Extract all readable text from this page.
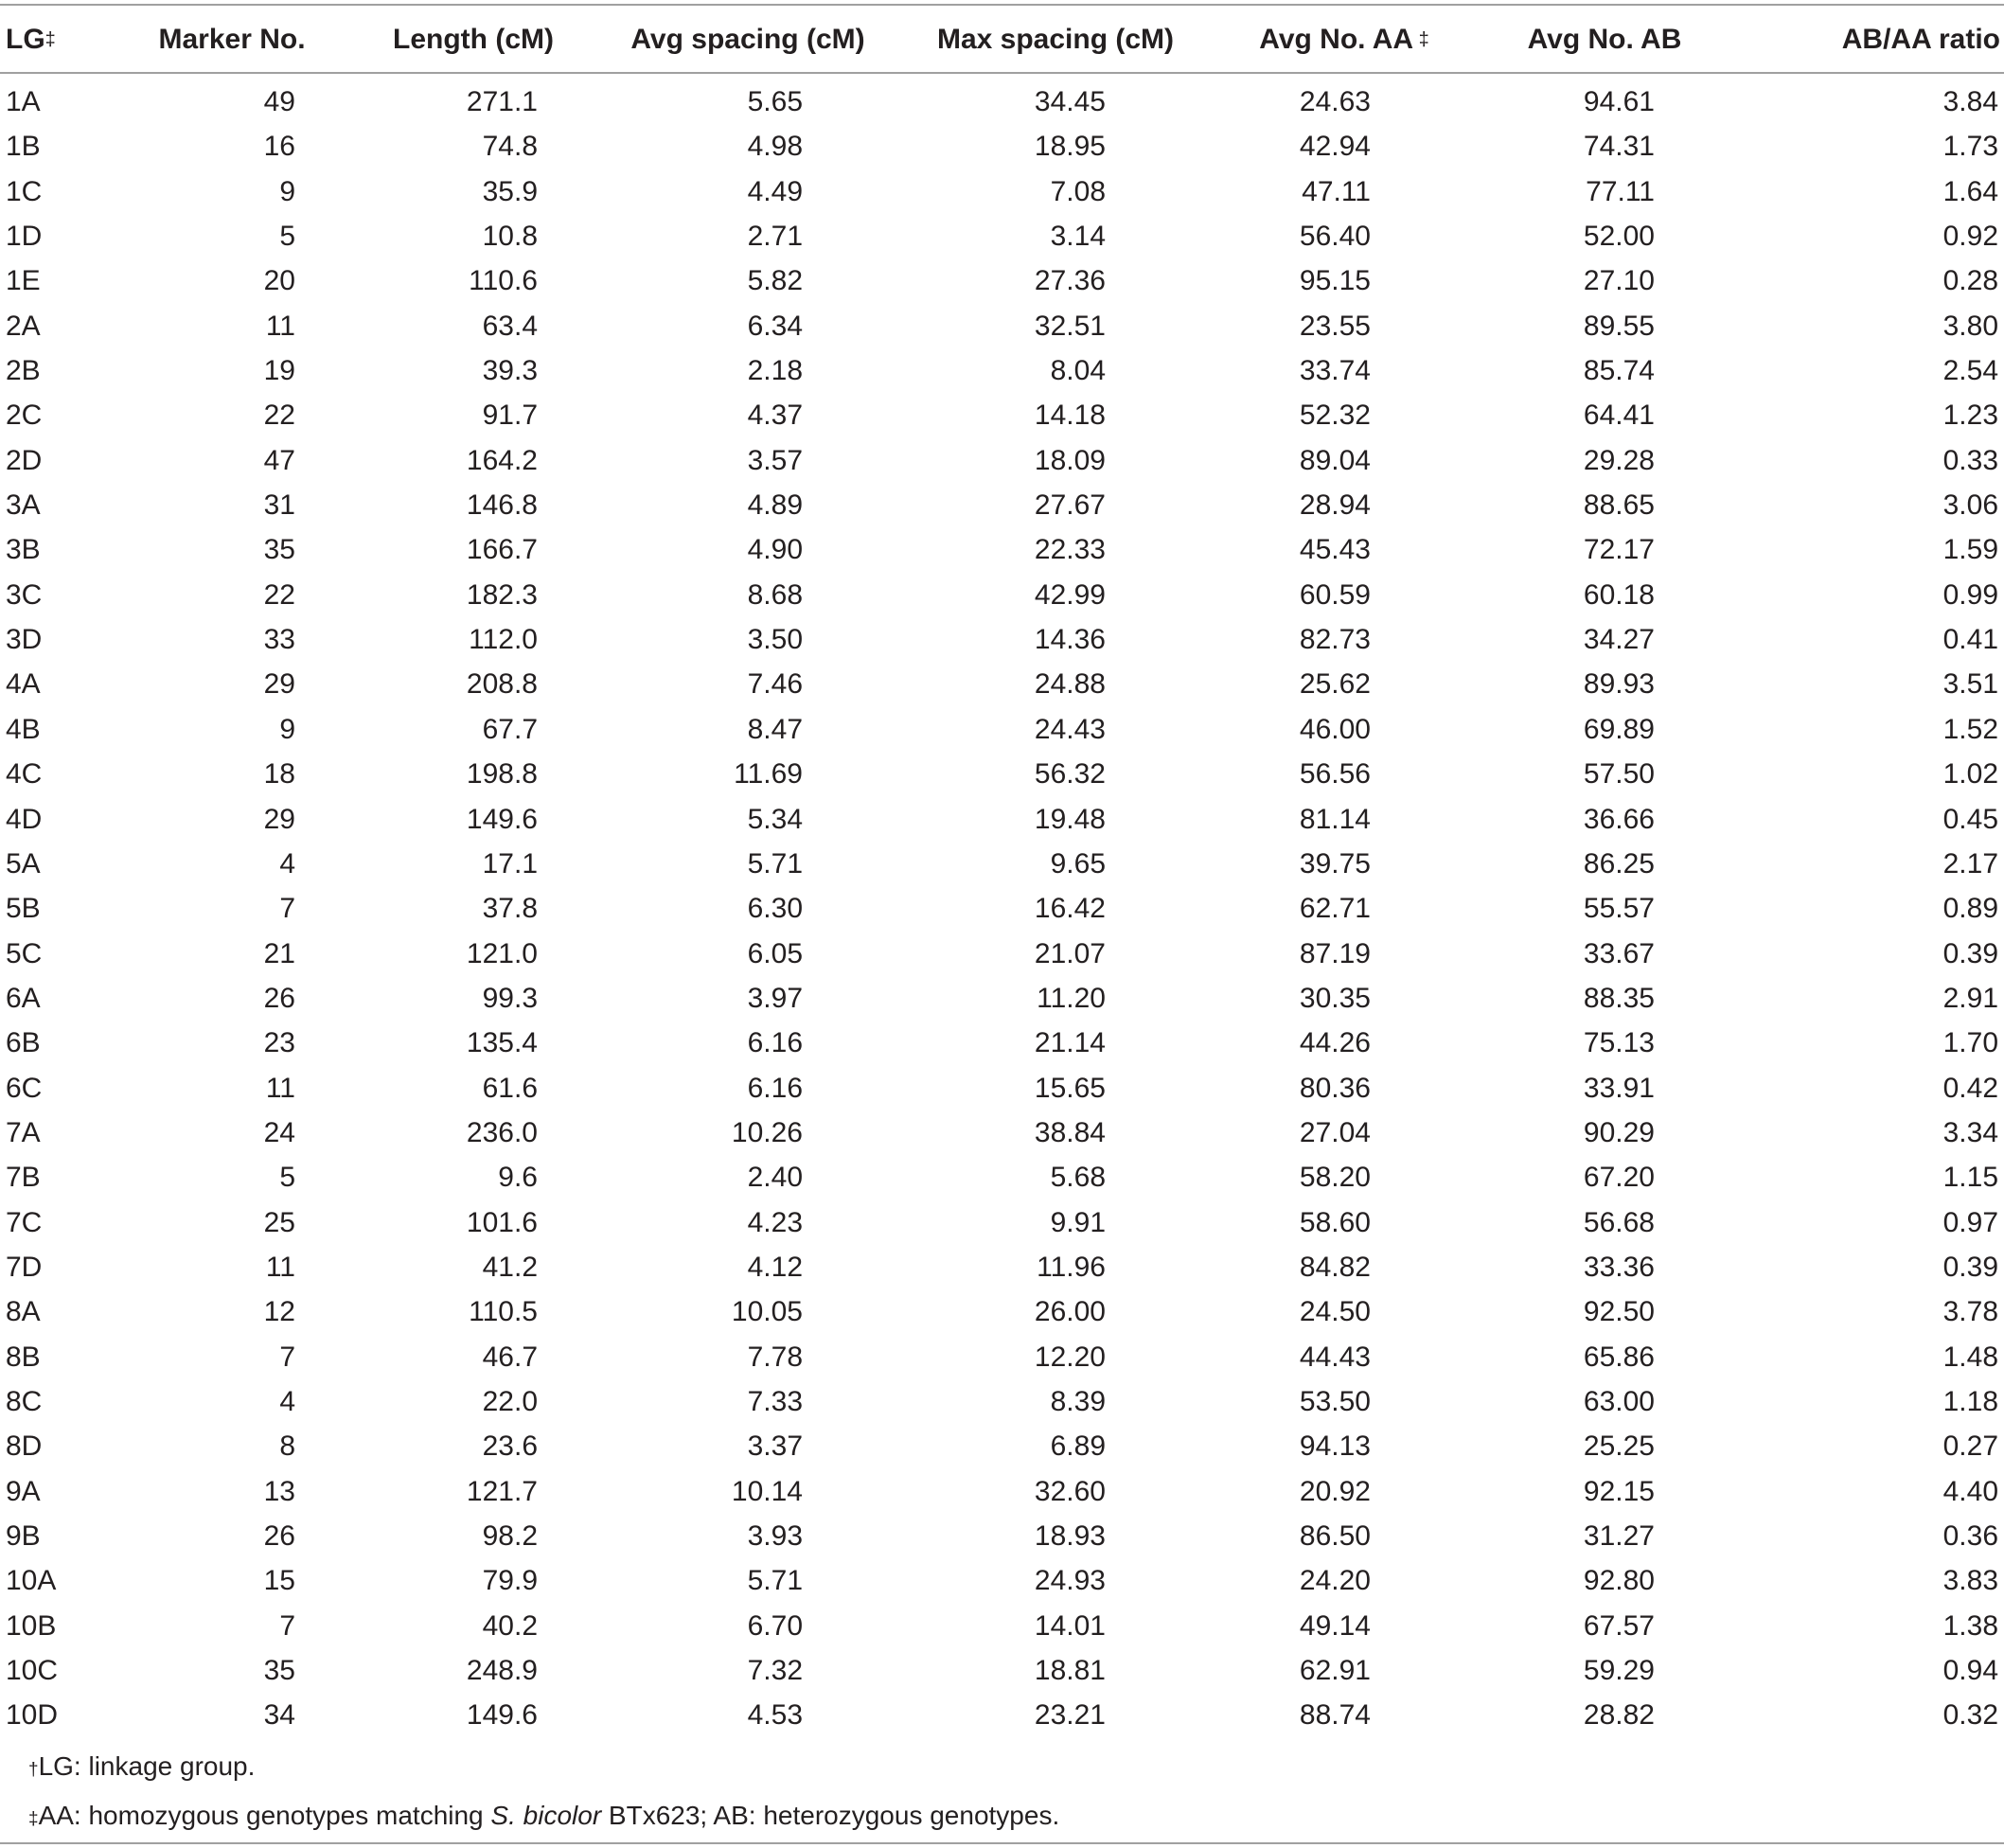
LG‡	Marker No.	Length (cM)	Avg spacing (cM)	Max spacing (cM)	Avg No. AA ‡	Avg No. AB	AB/AA ratio
1A	49	271.1	5.65	34.45	24.63	94.61	3.84
1B	16	74.8	4.98	18.95	42.94	74.31	1.73
1C	9	35.9	4.49	7.08	47.11	77.11	1.64
1D	5	10.8	2.71	3.14	56.40	52.00	0.92
1E	20	110.6	5.82	27.36	95.15	27.10	0.28
2A	11	63.4	6.34	32.51	23.55	89.55	3.80
2B	19	39.3	2.18	8.04	33.74	85.74	2.54
2C	22	91.7	4.37	14.18	52.32	64.41	1.23
2D	47	164.2	3.57	18.09	89.04	29.28	0.33
3A	31	146.8	4.89	27.67	28.94	88.65	3.06
3B	35	166.7	4.90	22.33	45.43	72.17	1.59
3C	22	182.3	8.68	42.99	60.59	60.18	0.99
3D	33	112.0	3.50	14.36	82.73	34.27	0.41
4A	29	208.8	7.46	24.88	25.62	89.93	3.51
4B	9	67.7	8.47	24.43	46.00	69.89	1.52
4C	18	198.8	11.69	56.32	56.56	57.50	1.02
4D	29	149.6	5.34	19.48	81.14	36.66	0.45
5A	4	17.1	5.71	9.65	39.75	86.25	2.17
5B	7	37.8	6.30	16.42	62.71	55.57	0.89
5C	21	121.0	6.05	21.07	87.19	33.67	0.39
6A	26	99.3	3.97	11.20	30.35	88.35	2.91
6B	23	135.4	6.16	21.14	44.26	75.13	1.70
6C	11	61.6	6.16	15.65	80.36	33.91	0.42
7A	24	236.0	10.26	38.84	27.04	90.29	3.34
7B	5	9.6	2.40	5.68	58.20	67.20	1.15
7C	25	101.6	4.23	9.91	58.60	56.68	0.97
7D	11	41.2	4.12	11.96	84.82	33.36	0.39
8A	12	110.5	10.05	26.00	24.50	92.50	3.78
8B	7	46.7	7.78	12.20	44.43	65.86	1.48
8C	4	22.0	7.33	8.39	53.50	63.00	1.18
8D	8	23.6	3.37	6.89	94.13	25.25	0.27
9A	13	121.7	10.14	32.60	20.92	92.15	4.40
9B	26	98.2	3.93	18.93	86.50	31.27	0.36
10A	15	79.9	5.71	24.93	24.20	92.80	3.83
10B	7	40.2	6.70	14.01	49.14	67.57	1.38
10C	35	248.9	7.32	18.81	62.91	59.29	0.94
10D	34	149.6	4.53	23.21	88.74	28.82	0.32
†LG: linkage group.
‡AA: homozygous genotypes matching S. bicolor BTx623; AB: heterozygous genotypes.
